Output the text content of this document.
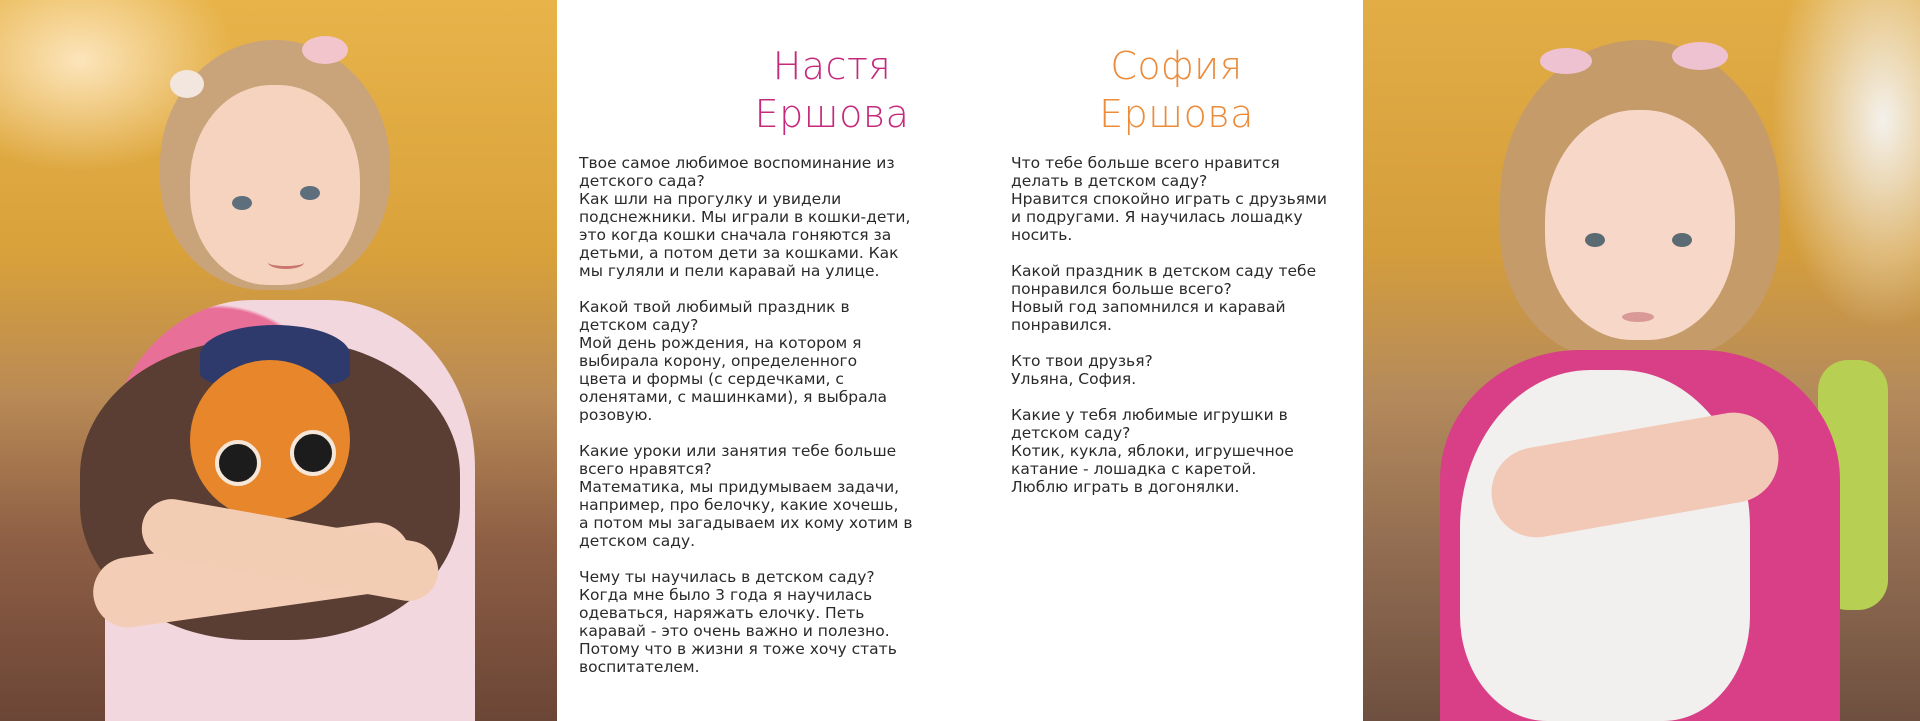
Настя
Ершова
Твое самое любимое воспоминание из
детского сада?
Как шли на прогулку и увидели
подснежники. Мы играли в кошки-дети,
это когда кошки сначала гоняются за
детьми, а потом дети за кошками. Как
мы гуляли и пели каравай на улице.

Какой твой любимый праздник в
детском саду?
Мой день рождения, на котором я
выбирала корону, определенного
цвета и формы (с сердечками, с
оленятами, с машинками), я выбрала
розовую.

Какие уроки или занятия тебе больше
всего нравятся?
Математика, мы придумываем задачи,
например, про белочку, какие хочешь,
а потом мы загадываем их кому хотим в
детском саду.

Чему ты научилась в детском саду?
Когда мне было 3 года я научилась
одеваться, наряжать елочку. Петь
каравай - это очень важно и полезно.
Потому что в жизни я тоже хочу стать
воспитателем.
София
Ершова
Что тебе больше всего нравится
делать в детском саду?
Нравится спокойно играть с друзьями
и подругами. Я научилась лошадку
носить.

Какой праздник в детском саду тебе
понравился больше всего?
Новый год запомнился и каравай
понравился.

Кто твои друзья?
Ульяна, София.

Какие у тебя любимые игрушки в
детском саду?
Котик, кукла, яблоки, игрушечное
катание - лошадка с каретой.
Люблю играть в догонялки.
